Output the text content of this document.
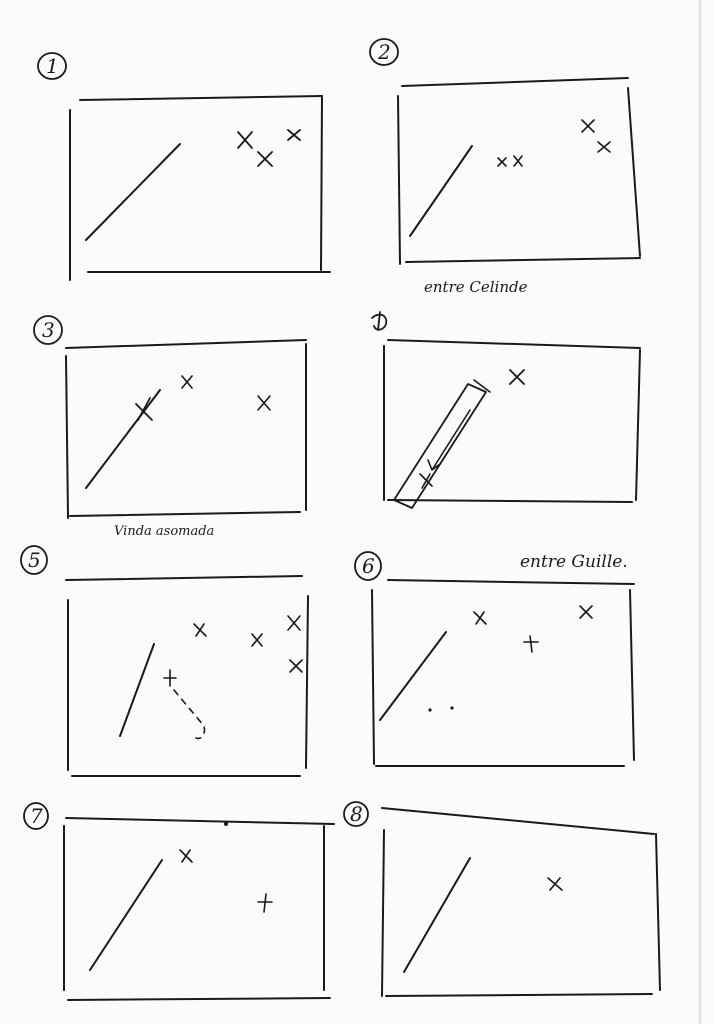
1
2
3	4
5	6
7	8
entre Celinde
Vinda asomada
entre Guille.
